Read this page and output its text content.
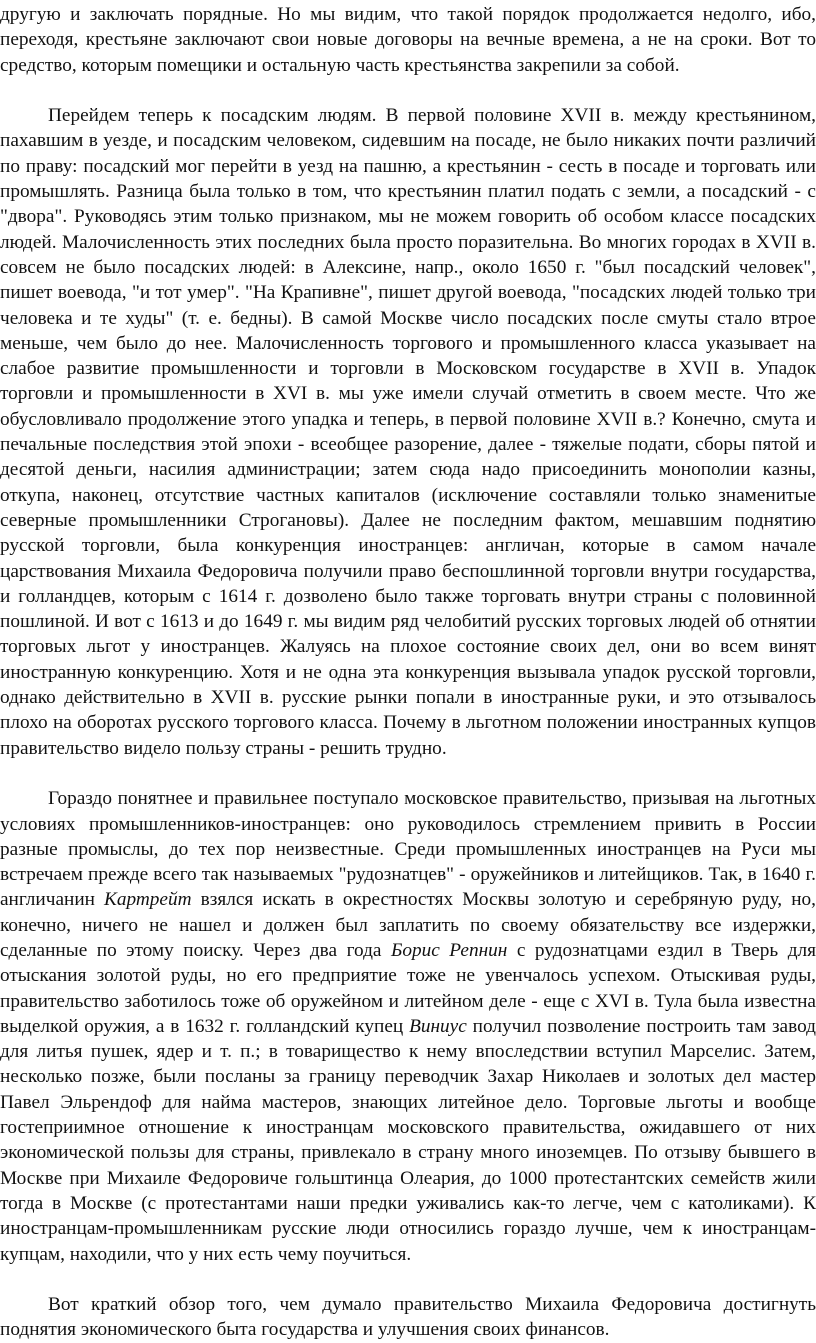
другую и заключать порядные. Но мы видим, что такой порядок продолжается недолго, ибо, переходя, крестьяне заключают свои новые договоры на вечные времена, а не на сроки. Вот то средство, которым помещики и остальную часть крестьянства закрепили за собой.

Перейдем теперь к посадским людям. В первой половине XVII в. между крестьянином, пахавшим в уезде, и посадским человеком, сидевшим на посаде, не было никаких почти различий по праву: посадский мог перейти в уезд на пашню, а крестьянин - сесть в посаде и торговать или промышлять. Разница была только в том, что крестьянин платил подать с земли, а посадский - с "двора". Руководясь этим только признаком, мы не можем говорить об особом классе посадских людей. Малочисленность этих последних была просто поразительна. Во многих городах в XVII в. совсем не было посадских людей: в Алексине, напр., около 1650 г. "был посадский человек", пишет воевода, "и тот умер". "На Крапивне", пишет другой воевода, "посадских людей только три человека и те худы" (т. е. бедны). В самой Москве число посадских после смуты стало втрое меньше, чем было до нее. Малочисленность торгового и промышленного класса указывает на слабое развитие промышленности и торговли в Московском государстве в XVII в. Упадок торговли и промышленности в XVI в. мы уже имели случай отметить в своем месте. Что же обусловливало продолжение этого упадка и теперь, в первой половине XVII в.? Конечно, смута и печальные последствия этой эпохи - всеобщее разорение, далее - тяжелые подати, сборы пятой и десятой деньги, насилия администрации; затем сюда надо присоединить монополии казны, откупа, наконец, отсутствие частных капиталов (исключение составляли только знаменитые северные промышленники Строгановы). Далее не последним фактом, мешавшим поднятию русской торговли, была конкуренция иностранцев: англичан, которые в самом начале царствования Михаила Федоровича получили право беспошлинной торговли внутри государства, и голландцев, которым с 1614 г. дозволено было также торговать внутри страны с половинной пошлиной. И вот с 1613 и до 1649 г. мы видим ряд челобитий русских торговых людей об отнятии торговых льгот у иностранцев. Жалуясь на плохое состояние своих дел, они во всем винят иностранную конкуренцию. Хотя и не одна эта конкуренция вызывала упадок русской торговли, однако действительно в XVII в. русские рынки попали в иностранные руки, и это отзывалось плохо на оборотах русского торгового класса. Почему в льготном положении иностранных купцов правительство видело пользу страны - решить трудно.

Гораздо понятнее и правильнее поступало московское правительство, призывая на льготных условиях промышленников-иностранцев: оно руководилось стремлением привить в России разные промыслы, до тех пор неизвестные. Среди промышленных иностранцев на Руси мы встречаем прежде всего так называемых "рудознатцев" - оружейников и литейщиков. Так, в 1640 г. англичанин Картрейт взялся искать в окрестностях Москвы золотую и серебряную руду, но, конечно, ничего не нашел и должен был заплатить по своему обязательству все издержки, сделанные по этому поиску. Через два года Борис Репнин с рудознатцами ездил в Тверь для отыскания золотой руды, но его предприятие тоже не увенчалось успехом. Отыскивая руды, правительство заботилось тоже об оружейном и литейном деле - еще с XVI в. Тула была известна выделкой оружия, а в 1632 г. голландский купец Виниус получил позволение построить там завод для литья пушек, ядер и т. п.; в товарищество к нему впоследствии вступил Марселис. Затем, несколько позже, были посланы за границу переводчик Захар Николаев и золотых дел мастер Павел Эльрендоф для найма мастеров, знающих литейное дело. Торговые льготы и вообще гостеприимное отношение к иностранцам московского правительства, ожидавшего от них экономической пользы для страны, привлекало в страну много иноземцев. По отзыву бывшего в Москве при Михаиле Федоровиче гольштинца Олеария, до 1000 протестантских семейств жили тогда в Москве (с протестантами наши предки уживались как-то легче, чем с католиками). К иностранцам-промышленникам русские люди относились гораздо лучше, чем к иностранцам-купцам, находили, что у них есть чему поучиться.

Вот краткий обзор того, чем думало правительство Михаила Федоровича достигнуть поднятия экономического быта государства и улучшения своих финансов.
